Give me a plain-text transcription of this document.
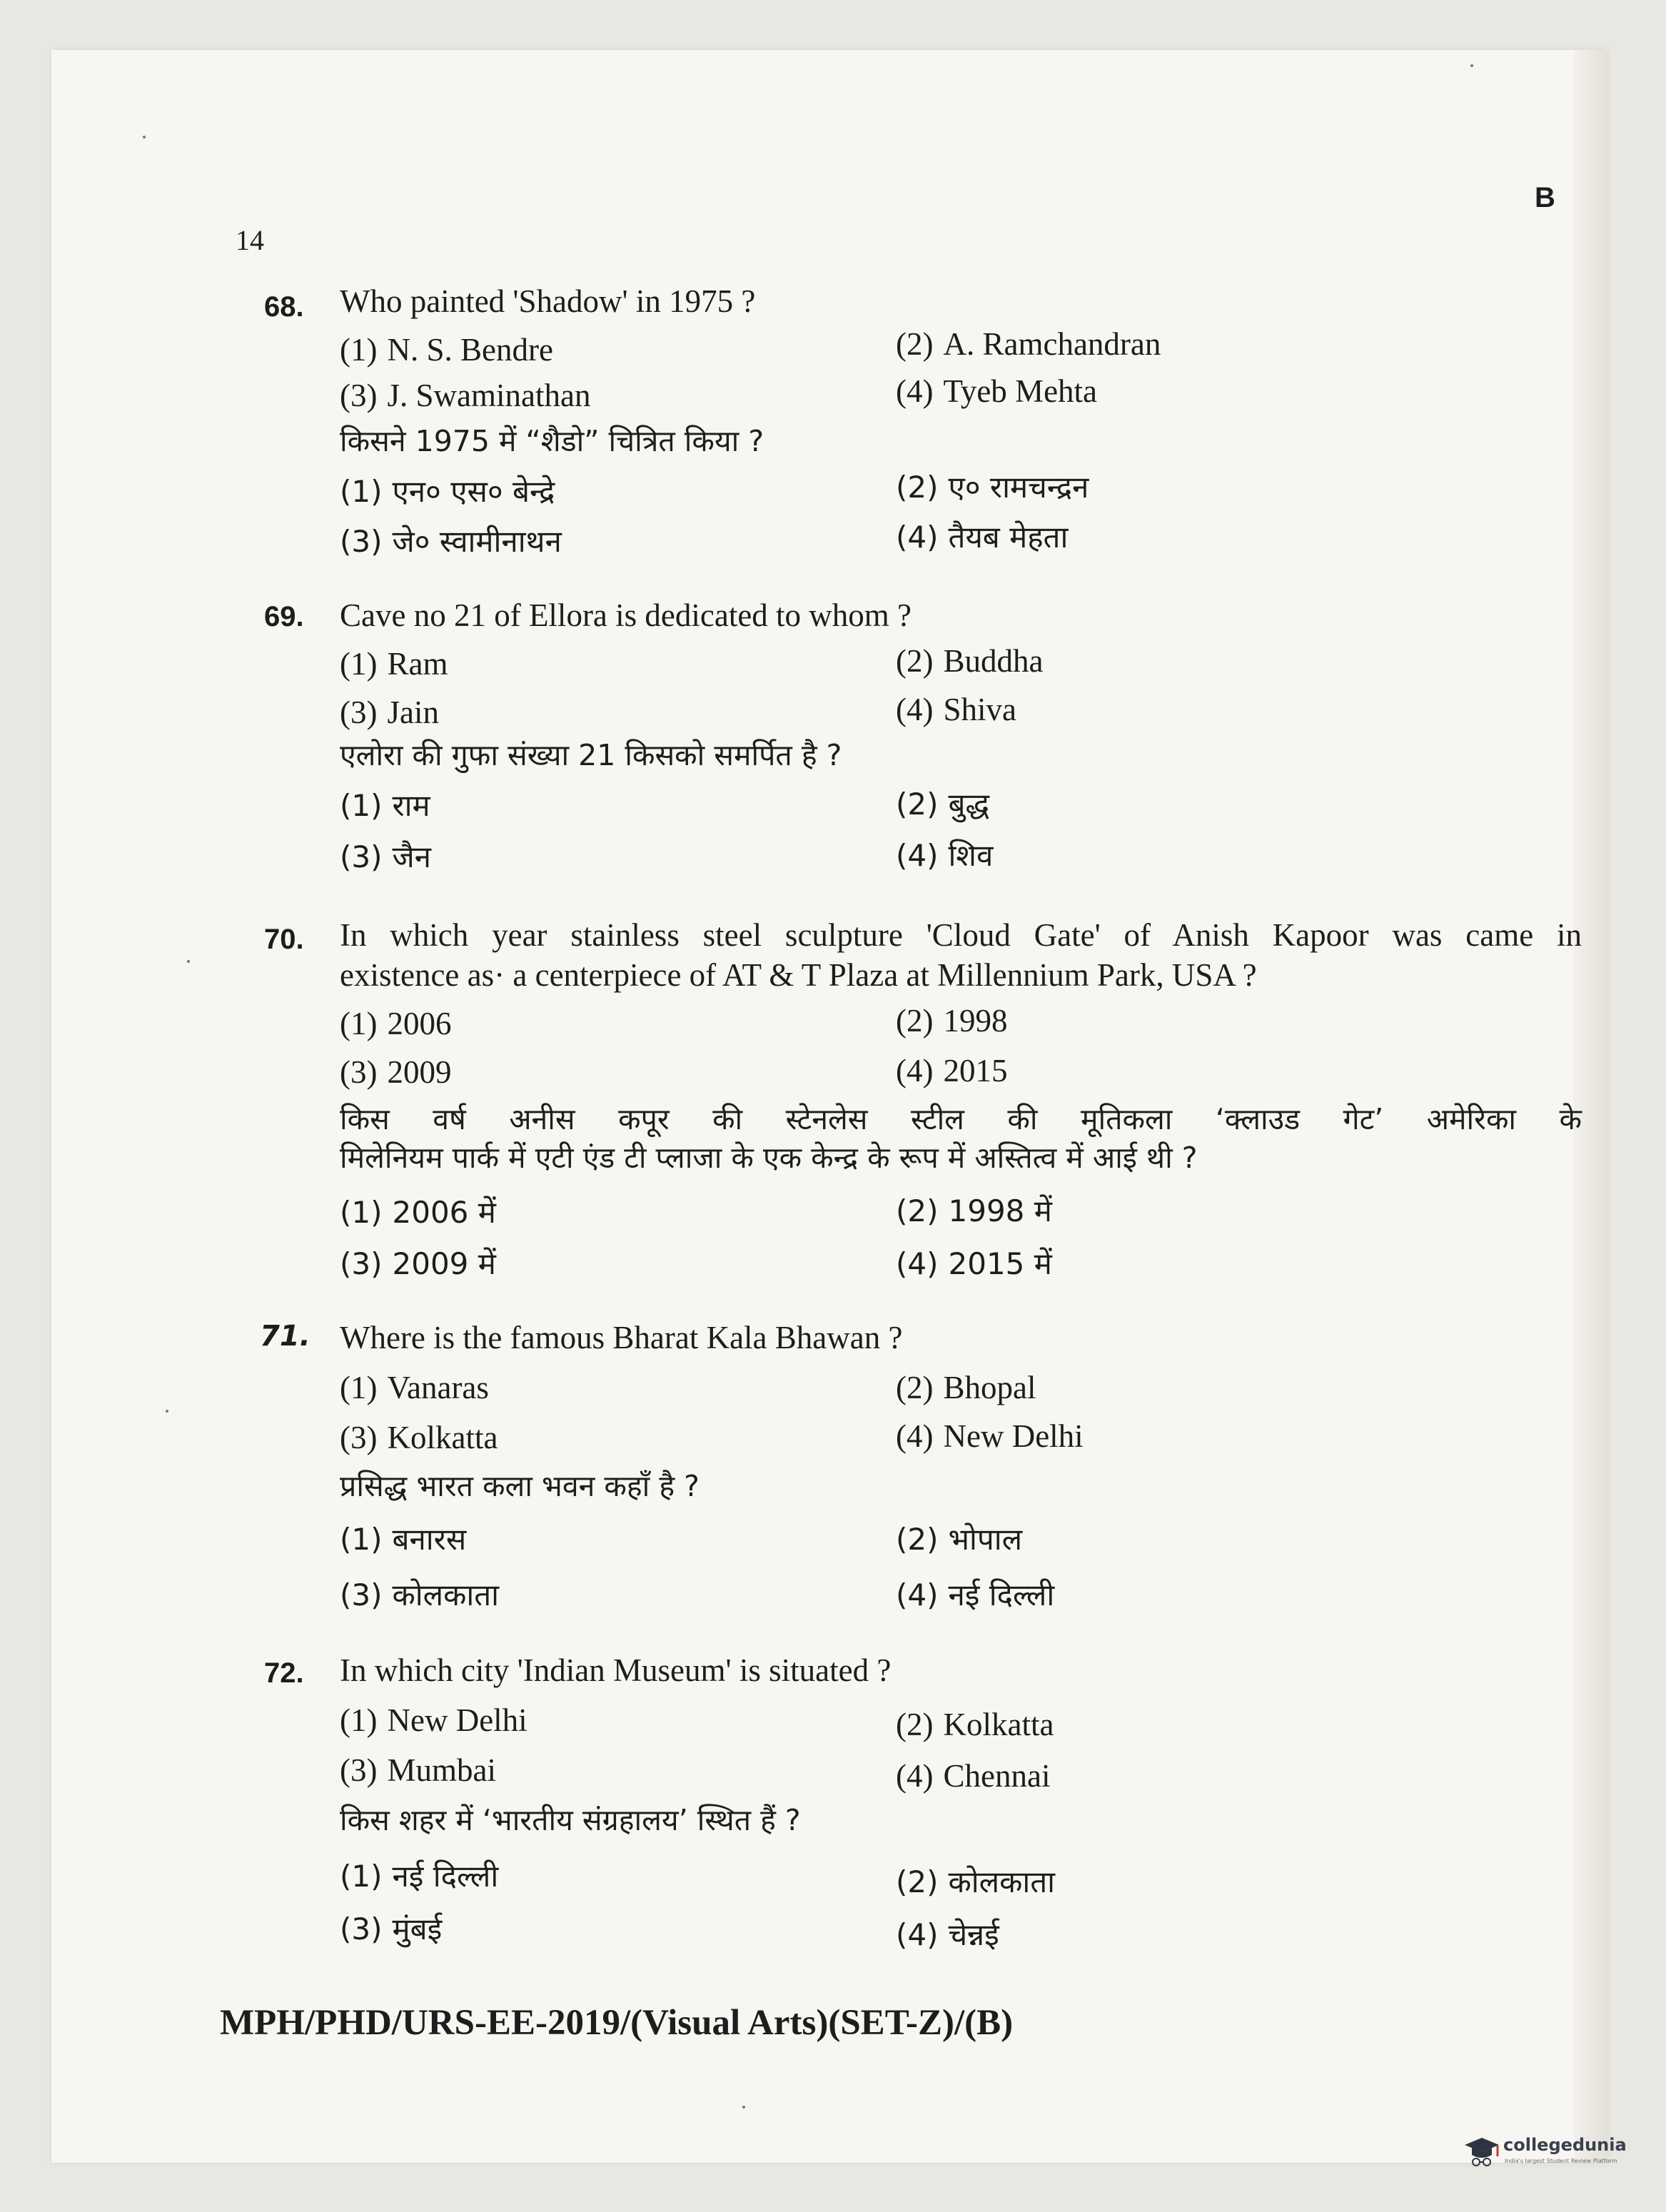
B
14
68. Who painted 'Shadow' in 1975 ?
(1) N. S. Bendre	(2) A. Ramchandran
(3) J. Swaminathan	(4) Tyeb Mehta
किसने 1975 में “शैडो” चित्रित किया ?
(1) एन० एस० बेन्द्रे	(2) ए० रामचन्द्रन
(3) जे० स्वामीनाथन	(4) तैयब मेहता
69. Cave no 21 of Ellora is dedicated to whom ?
(1) Ram	(2) Buddha
(3) Jain	(4) Shiva
एलोरा की गुफा संख्या 21 किसको समर्पित है ?
(1) राम	(2) बुद्ध
(3) जैन	(4) शिव
70. In which year stainless steel sculpture 'Cloud Gate' of Anish Kapoor was came in
existence as· a centerpiece of AT & T Plaza at Millennium Park, USA ?
(1) 2006	(2) 1998
(3) 2009	(4) 2015
किस वर्ष अनीस कपूर की स्टेनलेस स्टील की मूतिकला ‘क्लाउड गेट’ अमेरिका के
मिलेनियम पार्क में एटी एंड टी प्लाजा के एक केन्द्र के रूप में अस्तित्व में आई थी ?
(1) 2006 में	(2) 1998 में
(3) 2009 में	(4) 2015 में
71. Where is the famous Bharat Kala Bhawan ?
(1) Vanaras	(2) Bhopal
(3) Kolkatta	(4) New Delhi
प्रसिद्ध भारत कला भवन कहाँ है ?
(1) बनारस	(2) भोपाल
(3) कोलकाता	(4) नई दिल्ली
72. In which city 'Indian Museum' is situated ?
(1) New Delhi	(2) Kolkatta
(3) Mumbai	(4) Chennai
किस शहर में ‘भारतीय संग्रहालय’ स्थित हैं ?
(1) नई दिल्ली	(2) कोलकाता
(3) मुंबई	(4) चेन्नई
MPH/PHD/URS-EE-2019/(Visual Arts)(SET-Z)/(B)
collegedunia
India's largest Student Review Platform
